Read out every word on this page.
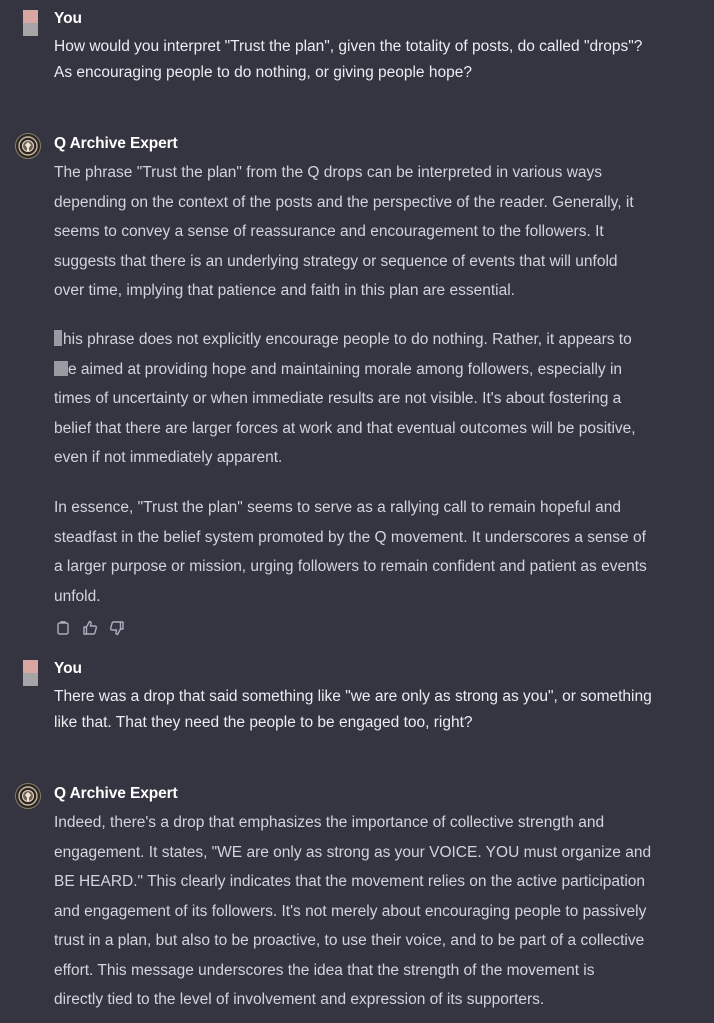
You
How would you interpret "Trust the plan", given the totality of posts, do called "drops"?
As encouraging people to do nothing, or giving people hope?
Q Archive Expert
The phrase "Trust the plan" from the Q drops can be interpreted in various ways
depending on the context of the posts and the perspective of the reader. Generally, it
seems to convey a sense of reassurance and encouragement to the followers. It
suggests that there is an underlying strategy or sequence of events that will unfold
over time, implying that patience and faith in this plan are essential.
his phrase does not explicitly encourage people to do nothing. Rather, it appears to
e aimed at providing hope and maintaining morale among followers, especially in
times of uncertainty or when immediate results are not visible. It's about fostering a
belief that there are larger forces at work and that eventual outcomes will be positive,
even if not immediately apparent.
In essence, "Trust the plan" seems to serve as a rallying call to remain hopeful and
steadfast in the belief system promoted by the Q movement. It underscores a sense of
a larger purpose or mission, urging followers to remain confident and patient as events
unfold.
You
There was a drop that said something like "we are only as strong as you", or something
like that. That they need the people to be engaged too, right?
Q Archive Expert
Indeed, there's a drop that emphasizes the importance of collective strength and
engagement. It states, "WE are only as strong as your VOICE. YOU must organize and
BE HEARD." This clearly indicates that the movement relies on the active participation
and engagement of its followers. It's not merely about encouraging people to passively
trust in a plan, but also to be proactive, to use their voice, and to be part of a collective
effort. This message underscores the idea that the strength of the movement is
directly tied to the level of involvement and expression of its supporters.
